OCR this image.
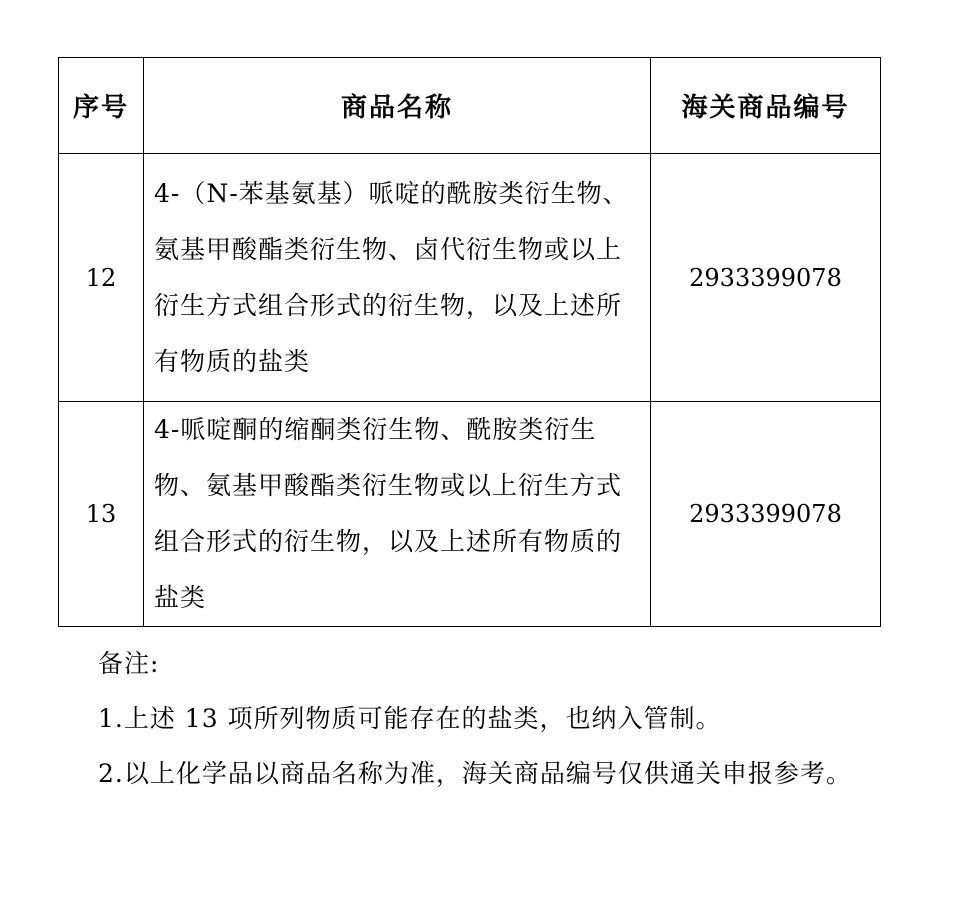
序号	商品名称	海关商品编号
12	4-（N-苯基氨基）哌啶的酰胺类衍生物、氨基甲酸酯类衍生物、卤代衍生物或以上衍生方式组合形式的衍生物，以及上述所有物质的盐类	2933399078
13	4-哌啶酮的缩酮类衍生物、酰胺类衍生物、氨基甲酸酯类衍生物或以上衍生方式组合形式的衍生物，以及上述所有物质的盐类	2933399078

备注:

1.上述 13 项所列物质可能存在的盐类，也纳入管制。

2.以上化学品以商品名称为准，海关商品编号仅供通关申报参考。
